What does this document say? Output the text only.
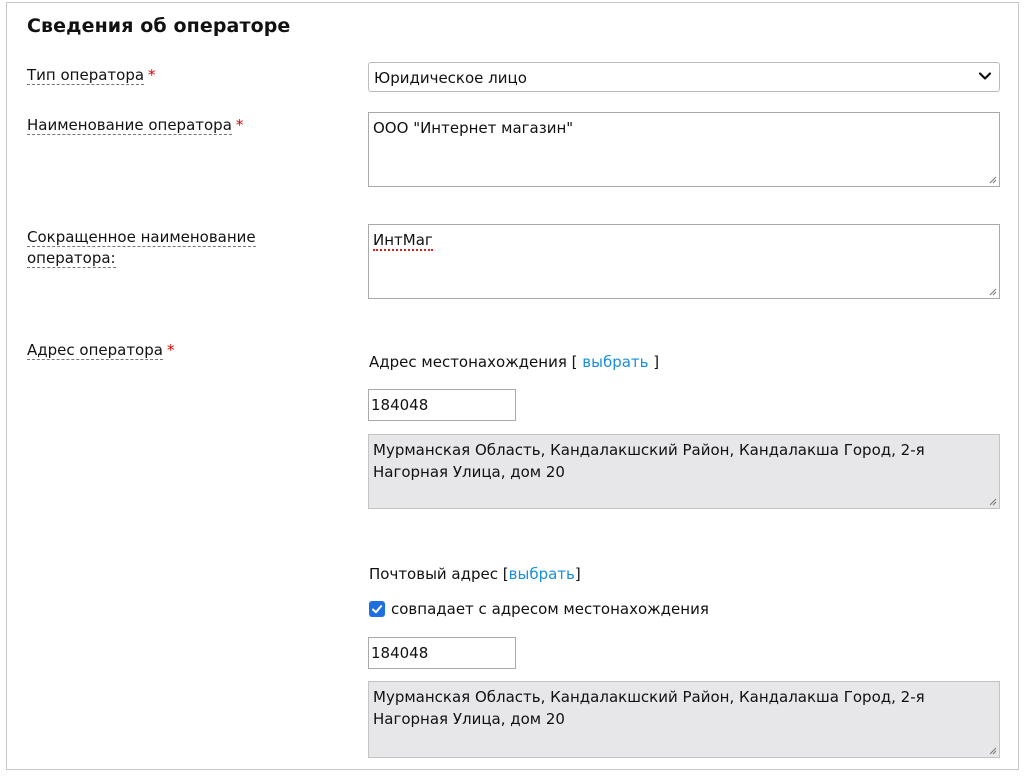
Сведения об операторе
Тип оператора *	Юридическое лицо
Наименование оператора *	ООО "Интернет магазин"
Сокращенное наименование
оператора:
ИнтМаг
Адрес оператора *
Адрес местонахождения [ выбрать ]
184048
Мурманская Область, Кандалакшский Район, Кандалакша Город, 2-я
Нагорная Улица, дом 20
Почтовый адрес [выбрать]
совпадает с адресом местонахождения
184048
Мурманская Область, Кандалакшский Район, Кандалакша Город, 2-я
Нагорная Улица, дом 20
